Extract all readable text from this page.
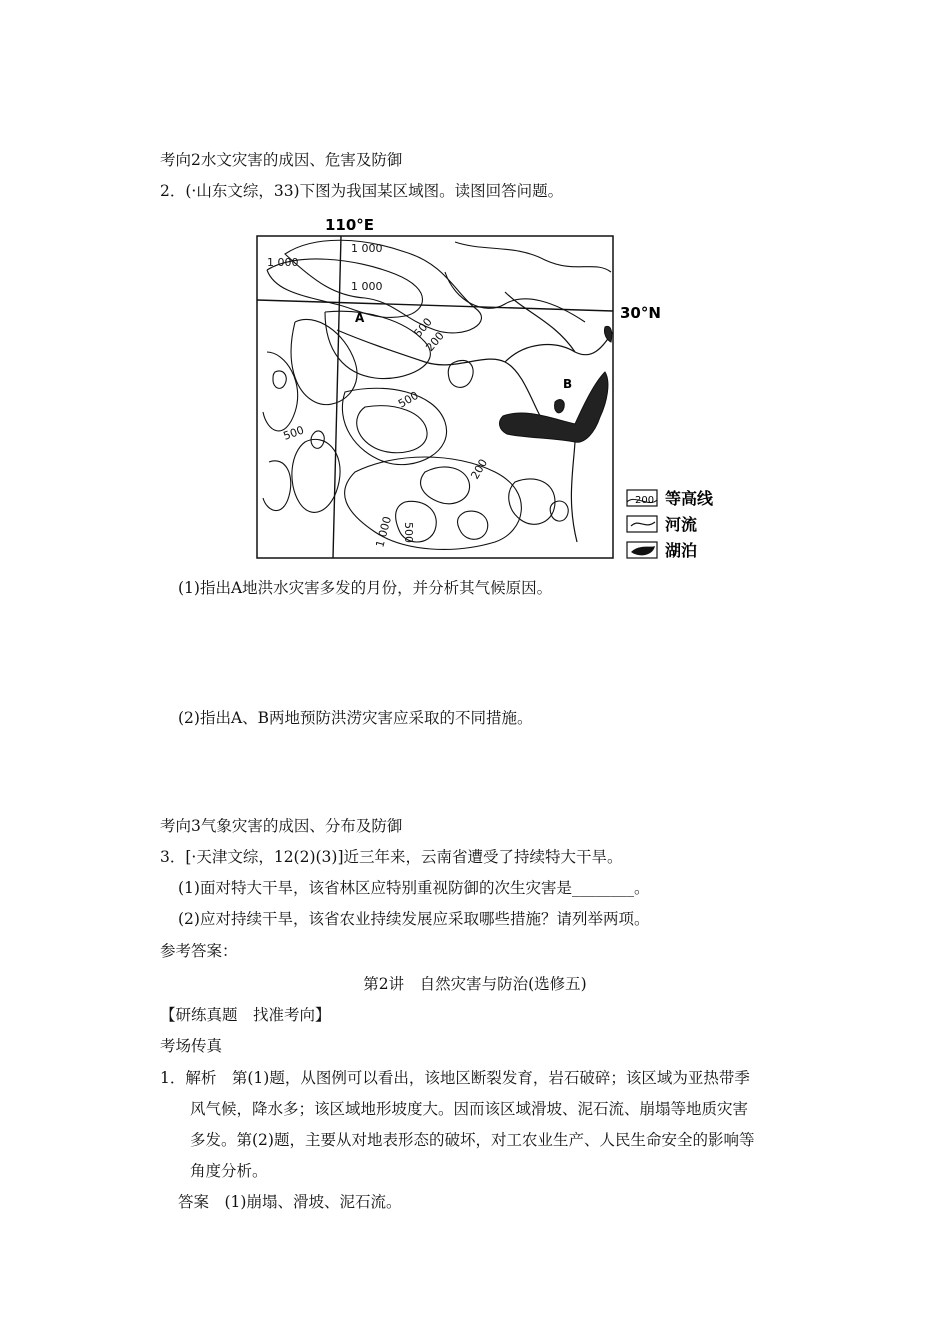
考向2水文灾害的成因、危害及防御
2．(·山东文综，33)下图为我国某区域图。读图回答问题。
110°E
30°N
A
B
1 000
1 000
1 000
500
200
500
500
200
500
1 000
200 等高线
河流
湖泊
(1)指出A地洪水灾害多发的月份，并分析其气候原因。
(2)指出A、B两地预防洪涝灾害应采取的不同措施。
考向3气象灾害的成因、分布及防御
3．[·天津文综，12(2)(3)]近三年来，云南省遭受了持续特大干旱。
(1)面对特大干旱，该省林区应特别重视防御的次生灾害是________。
(2)应对持续干旱，该省农业持续发展应采取哪些措施？请列举两项。
参考答案：
第2讲　自然灾害与防治(选修五)
【研练真题　找准考向】
考场传真
1．解析　第(1)题，从图例可以看出，该地区断裂发育，岩石破碎；该区域为亚热带季
风气候，降水多；该区域地形坡度大。因而该区域滑坡、泥石流、崩塌等地质灾害
多发。第(2)题，主要从对地表形态的破坏，对工农业生产、人民生命安全的影响等
角度分析。
答案　(1)崩塌、滑坡、泥石流。
